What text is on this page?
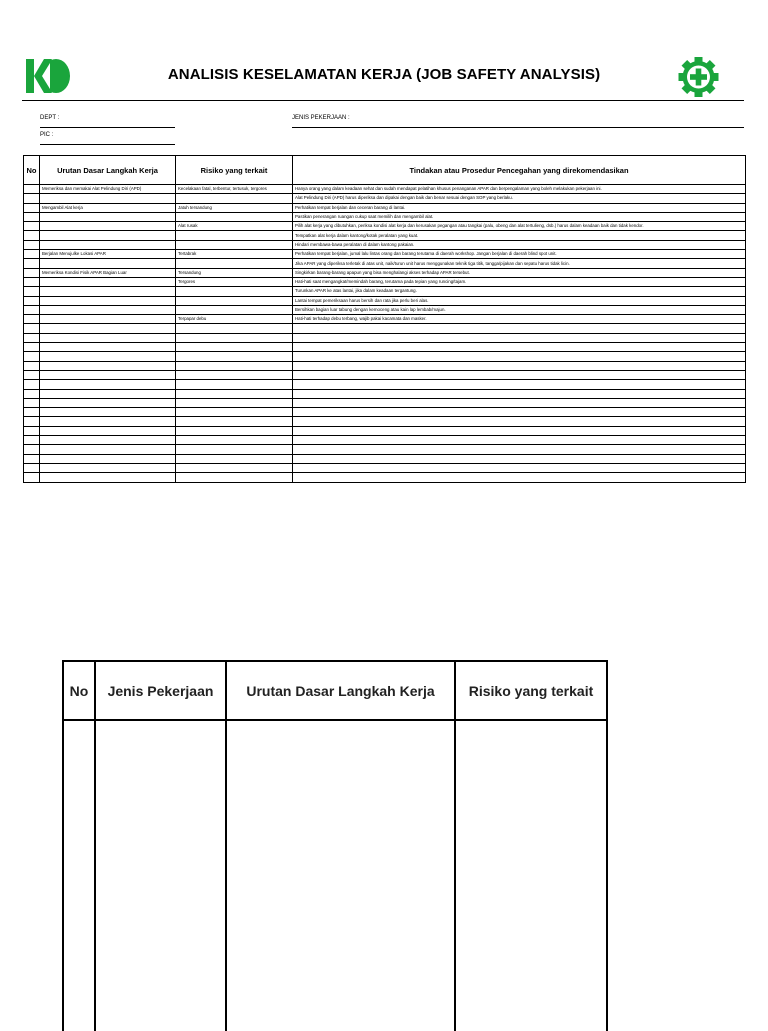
ANALISIS KESELAMATAN KERJA (JOB SAFETY ANALYSIS)
DEPT :
PIC :
JENIS PEKERJAAN :
No	Urutan Dasar Langkah Kerja	Risiko yang terkait	Tindakan atau Prosedur Pencegahan yang direkomendasikan
	Memeriksa dan memakai Alat Pelindung Diri (APD)	Kecelakaan fatal, terbentur, tertusuk, tergores	Hanya orang yang dalam keadaan sehat dan sudah mendapat pelatihan khusus penanganan APAR dan berpengalaman yang boleh melakukan pekerjaan ini.
			Alat Pelindung Diri (APD) harus diperiksa dan dipakai dengan baik dan benar sesuai dengan SOP yang berlaku.
	Mengambil Alat kerja	Jatuh tersandung	Perhatikan tempat berjalan dan ceceran barang di lantai.
			Pastikan penerangan ruangan cukup saat memilih dan mengambil alat.
		Alat rusak	Pilih alat kerja yang dibutuhkan, periksa kondisi alat kerja dan kerusakan pegangan atau tangkai (palu, obeng dan alat tertulieng, dsb.) harus dalam keadaan baik dan tidak kendor.
			Tempatkan alat kerja dalam kantong/kotak peralatan yang kuat.
			Hindari membawa-bawa peralatan di dalam kantong pakaian.
	Berjalan Menujulke Lokasi APAR	Tertabrak	Perhatikan tempat berjalan, jumal lalu lintas orang dan barang terutama di daerah workshop. Jangan berjalan di daerah blind spot unit.
			Jika APAR yang diperiksa terletak di atas unit, naik/turun unit harus menggunakan teknik tiga titik, tangga/pijakan dan sepatu harus tidak licin.
	Memeriksa Kondisi Fisik APAR Bagian Luar	Tersandung	Singkirkan barang-barang apapun yang bisa menghalangi akses terhadap APAR tersebut.
		Tergores	Hati-hati saat mengangkat/memindah barang, terutama pada tepian yang runcing/tajam.
			Turunkan APAR ke atas lantai, jika dalam keadaan tergantung.
			Lantai tempat pemeriksaan harus bersih dan rata jika perlu beri alas.
			Bersihkan bagian luar tabung dengan kemoceng atau kain lap lembab/majun.
		Terpapar debu	Hati-hati terhadap debu terbang, wajib pakai kacamata dan masker.

No	Jenis Pekerjaan	Urutan Dasar Langkah Kerja	Risiko yang terkait
